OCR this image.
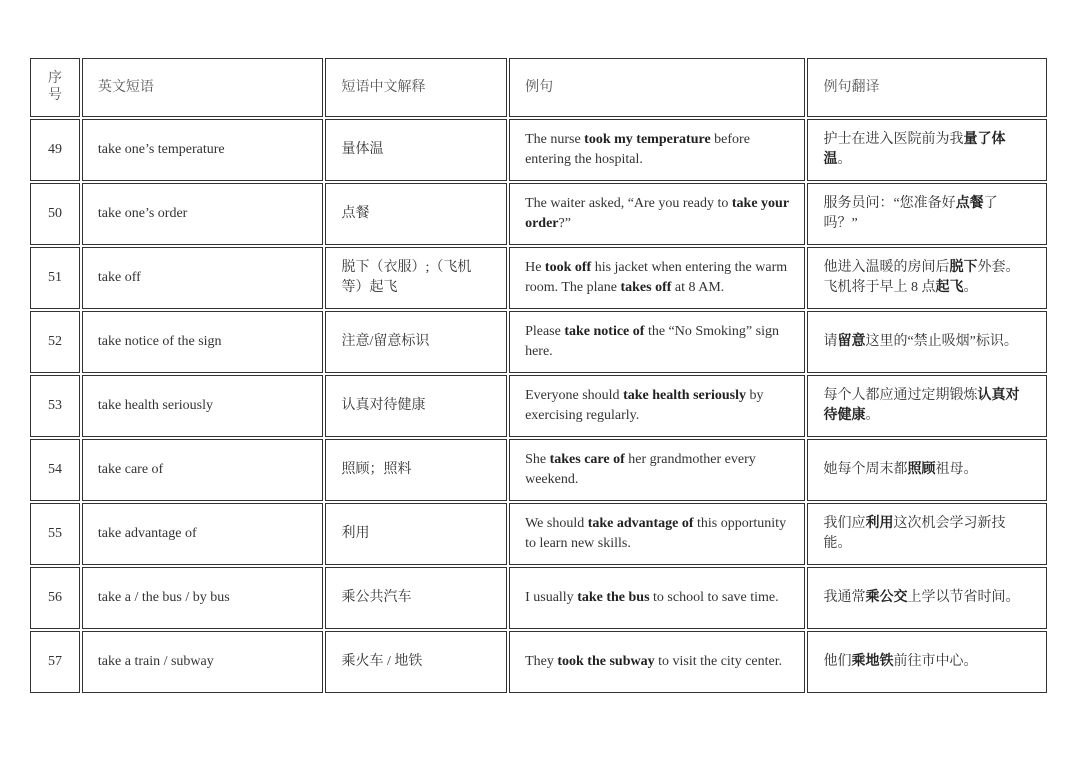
序号	英文短语	短语中文解释	例句	例句翻译
49	take one’s temperature	量体温	The nurse took my temperature before entering the hospital.	护士在进入医院前为我量了体温。
50	take one’s order	点餐	The waiter asked, “Are you ready to take your order?”	服务员问：“您准备好点餐了吗？”
51	take off	脱下（衣服）;（飞机等）起飞	He took off his jacket when entering the warm room. The plane takes off at 8 AM.	他进入温暖的房间后脱下外套。飞机将于早上 8 点起飞。
52	take notice of the sign	注意/留意标识	Please take notice of the “No Smoking” sign here.	请留意这里的“禁止吸烟”标识。
53	take health seriously	认真对待健康	Everyone should take health seriously by exercising regularly.	每个人都应通过定期锻炼认真对待健康。
54	take care of	照顾；照料	She takes care of her grandmother every weekend.	她每个周末都照顾祖母。
55	take advantage of	利用	We should take advantage of this opportunity to learn new skills.	我们应利用这次机会学习新技能。
56	take a / the bus / by bus	乘公共汽车	I usually take the bus to school to save time.	我通常乘公交上学以节省时间。
57	take a train / subway	乘火车 / 地铁	They took the subway to visit the city center.	他们乘地铁前往市中心。
